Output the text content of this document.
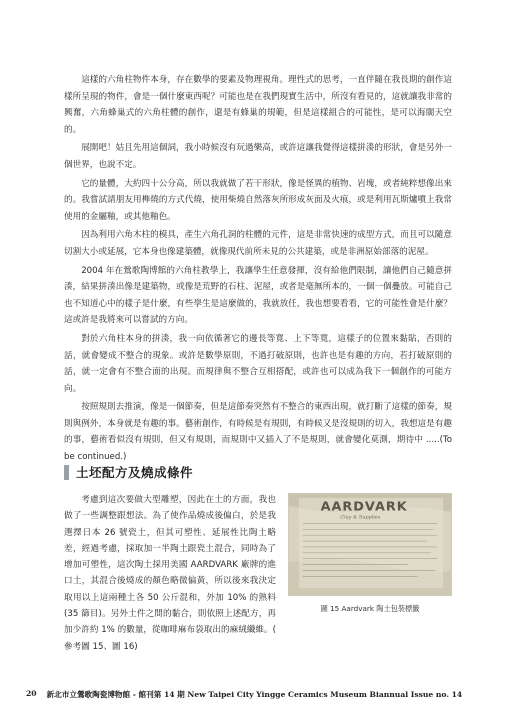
這樣的六角柱物件本身，存在數學的要素及物理視角。理性式的思考，一直伴隨在我長期的創作這樣所呈現的物件，會是一個什麼東西呢？可能也是在我們現實生活中，所沒有看見的，這就讓我非常的興奮，六角蜂巢式的六角柱體的創作，還是有蜂巢的規範，但是這樣組合的可能性，是可以海闊天空的。

展開吧！姑且先用這個詞，我小時候沒有玩過樂高，或許這讓我覺得這樣拼湊的形狀，會是另外一個世界，也說不定。

它的量體，大約四十公分高，所以我就做了若干形狀，像是怪異的植物、岩塊，或者純粹想像出來的。我嘗試請朋友用榫燒的方式代燒，使用柴燒自然落灰所形成灰面及火痕，或是利用瓦斯爐噴上我常使用的金屬釉，或其他釉色。

因為利用六角木柱的模具，產生六角孔洞的柱體的元件，這是非常快速的成型方式，而且可以隨意切割大小或延展，它本身也像建築體，就像現代前所未見的公共建築，或是非洲原始部落的泥屋。

2004 年在鶯歌陶博館的六角柱教學上，我讓學生任意發揮，沒有給他們限制，讓他們自己隨意拼湊，結果拼湊出像是建築物，或像是荒野的石柱、泥屋，或者是毫無所本的，一個一個疊放。可能自己也不知道心中的樣子是什麼，有些學生是這麼做的，我就放任，我也想要看看，它的可能性會是什麼？這或許是我將來可以嘗試的方向。

對於六角柱本身的拼湊，我一向依循著它的邊長等寬、上下等寬，這樣子的位置來黏貼，否則的話，就會變成不整合的現象。或許是數學原則，不過打破原則，也許也是有趣的方向，若打破原則的話，就一定會有不整合面的出現。而規律與不整合互相搭配，或許也可以成為我下一個創作的可能方向。

按照規則去推演，像是一個節奏，但是這節奏突然有不整合的東西出現，就打斷了這樣的節奏，規則與例外，本身就是有趣的事。藝術創作，有時候是有規則，有時候又是沒規則的切入，我想這是有趣的事，藝術看似沒有規則，但又有規則，而規則中又插入了不是規則，就會變化莫測，期待中 .....(To be continued.)

土坯配方及燒成條件

考慮到這次要做大型雕塑，因此在土的方面，我也做了一些調整跟想法。為了使作品燒成後偏白，於是我選擇日本 26 號瓷土，但其可塑性、延展性比陶土略差，經過考慮，採取加一半陶土跟瓷土混合，同時為了增加可塑性，這次陶土採用美國 AARDVARK 廠牌的進口土，其混合後燒成的顏色略微偏黃，所以後來我決定取用以上這兩種土各 50 公斤混和，外加 10% 的熟料 (35 篩目)。另外土件之間的黏合，則依照上述配方，再加少許約 1% 的數量，從咖啡麻布袋取出的麻絨纖維。( 參考圖 15、圖 16)

AARDVARK
Clay & Supplies
圖 15 Aardvark 陶土包裝標籤
20 新北市立鶯歌陶瓷博物館 - 館刊第 14 期 New Taipei City Yingge Ceramics Museum Biannual Issue no. 14
